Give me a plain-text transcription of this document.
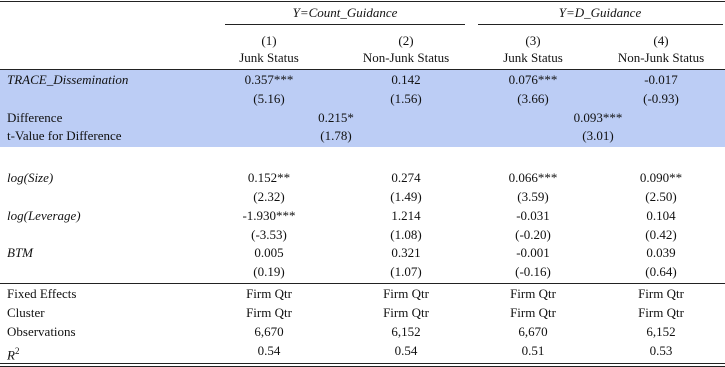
Y=Count_Guidance	Y=D_Guidance
(1)	(2)	(3)	(4)
Junk Status	Non-Junk Status	Junk Status	Non-Junk Status
TRACE_Dissemination	0.357***	0.142	0.076***	-0.017
(5.16)	(1.56)	(3.66)	(-0.93)
Difference	0.215*	0.093***
t-Value for Difference	(1.78)	(3.01)
log(Size)	0.152**	0.274	0.066***	0.090**
(2.32)	(1.49)	(3.59)	(2.50)
log(Leverage)	-1.930***	1.214	-0.031	0.104
(-3.53)	(1.08)	(-0.20)	(0.42)
BTM	0.005	0.321	-0.001	0.039
(0.19)	(1.07)	(-0.16)	(0.64)
Fixed Effects	Firm Qtr	Firm Qtr	Firm Qtr	Firm Qtr
Cluster	Firm Qtr	Firm Qtr	Firm Qtr	Firm Qtr
Observations	6,670	6,152	6,670	6,152
$R^2$	0.54	0.54	0.51	0.53
